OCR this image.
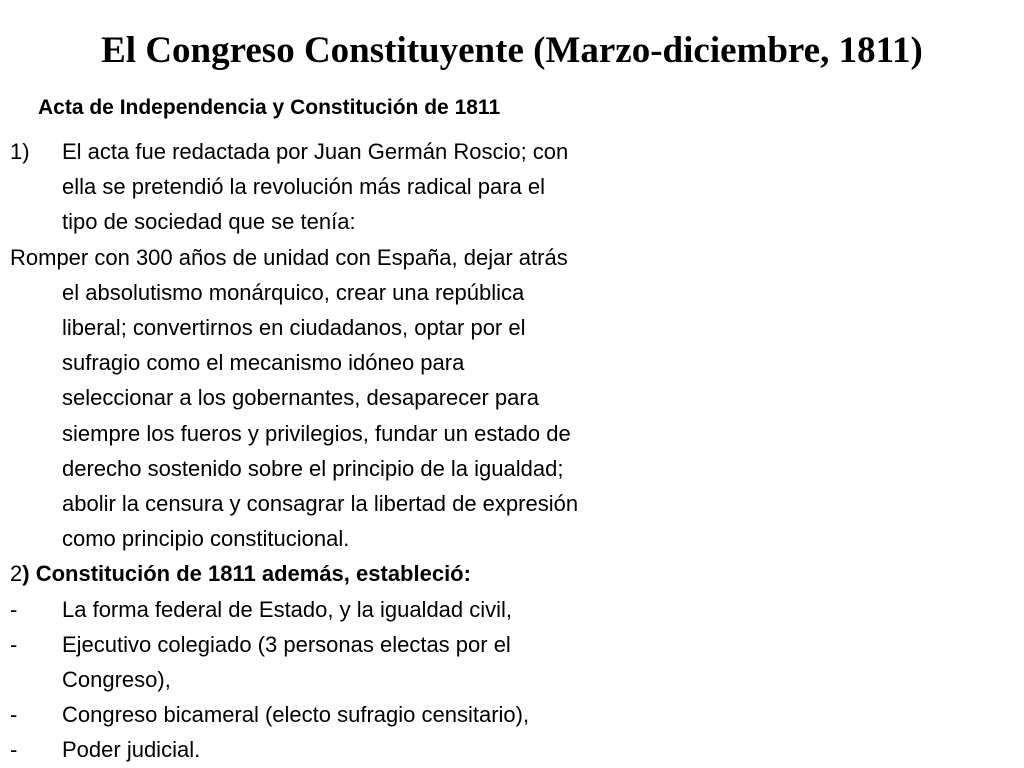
El Congreso Constituyente (Marzo-diciembre, 1811)
Acta de Independencia y Constitución de 1811
1)	El acta fue redactada por Juan Germán Roscio; con
ella se pretendió la revolución más radical para el
tipo de sociedad que se tenía:
Romper con 300 años de unidad con España, dejar atrás
el absolutismo monárquico, crear una república
liberal; convertirnos en ciudadanos, optar por el
sufragio como el mecanismo idóneo para
seleccionar a los gobernantes, desaparecer para
siempre los fueros y privilegios, fundar un estado de
derecho sostenido sobre el principio de la igualdad;
abolir la censura y consagrar la libertad de expresión
como principio constitucional.
2) Constitución de 1811 además, estableció:
-	La forma federal de Estado, y la igualdad civil,
-	Ejecutivo colegiado (3 personas electas por el
Congreso),
-	Congreso bicameral (electo sufragio censitario),
-	Poder judicial.
